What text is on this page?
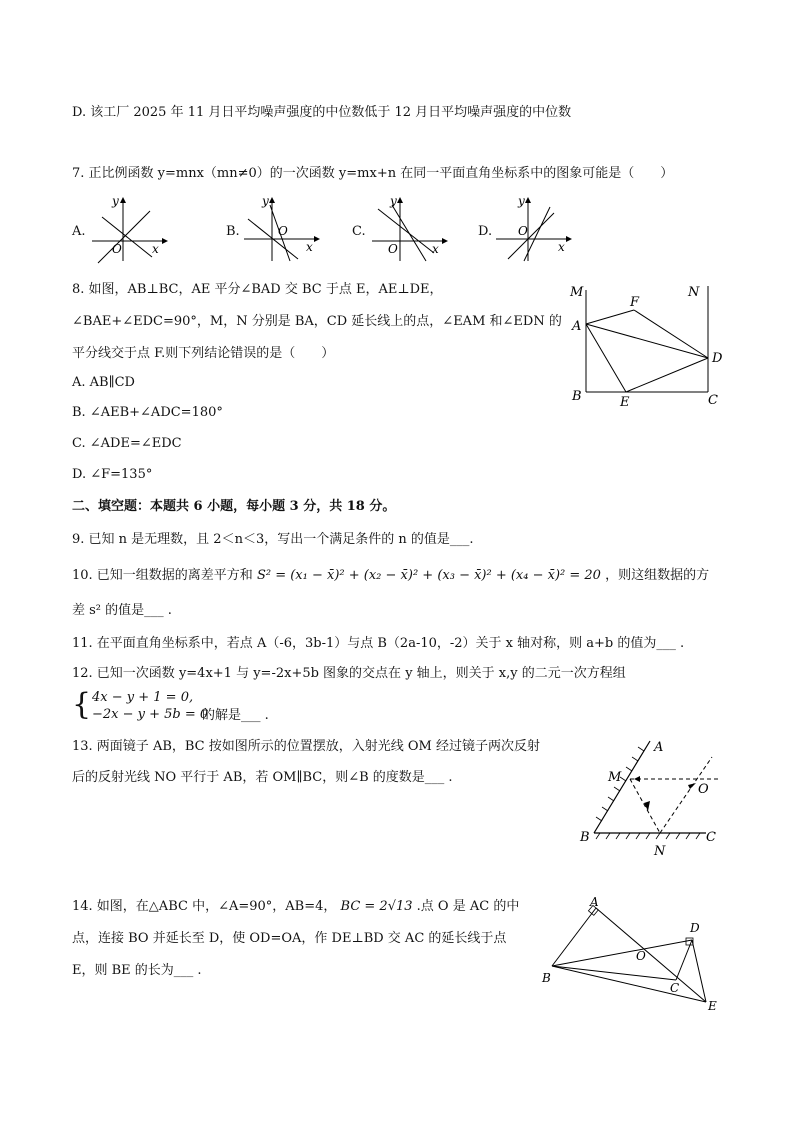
D. 该工厂 2025 年 11 月日平均噪声强度的中位数低于 12 月日平均噪声强度的中位数
7. 正比例函数 y=mnx（mn≠0）的一次函数 y=mx+n 在同一平面直角坐标系中的图象可能是（　　）
A.
y
x
O
B.
y
x
O	C.
y
x
O
D.
y
x
O
8. 如图，AB⊥BC，AE 平分∠BAD 交 BC 于点 E，AE⊥DE，
∠BAE+∠EDC=90°，M，N 分别是 BA，CD 延长线上的点，∠EAM 和∠EDN 的
平分线交于点 F.则下列结论错误的是（　　）
A. AB∥CD
B. ∠AEB+∠ADC=180°
C. ∠ADE=∠EDC
D. ∠F=135°
M
F
N
A
D
B	E	C
二、填空题：本题共 6 小题，每小题 3 分，共 18 分。
9. 已知 n 是无理数，且 2＜n＜3，写出一个满足条件的 n 的值是___.
10. 已知一组数据的离差平方和 S² = (x₁ − x̄)² + (x₂ − x̄)² + (x₃ − x̄)² + (x₄ − x̄)² = 20 ，则这组数据的方
差 s² 的值是___ .
11. 在平面直角坐标系中，若点 A（-6，3b-1）与点 B（2a-10，-2）关于 x 轴对称，则 a+b 的值为___ .
12. 已知一次函数 y=4x+1 与 y=-2x+5b 图象的交点在 y 轴上，则关于 x,y 的二元一次方程组
{ 4x − y + 1 = 0,
−2x − y + 5b = 0
的解是___ .
13. 两面镜子 AB，BC 按如图所示的位置摆放，入射光线 OM 经过镜子两次反射
后的反射光线 NO 平行于 AB，若 OM∥BC，则∠B 的度数是___ .
A
M
O
B
N
C
14. 如图，在△ABC 中，∠A=90°，AB=4， BC = 2√13 .点 O 是 AC 的中
点，连接 BO 并延长至 D，使 OD=OA，作 DE⊥BD 交 AC 的延长线于点
E，则 BE 的长为___ .
A
D
O
B
C
E
